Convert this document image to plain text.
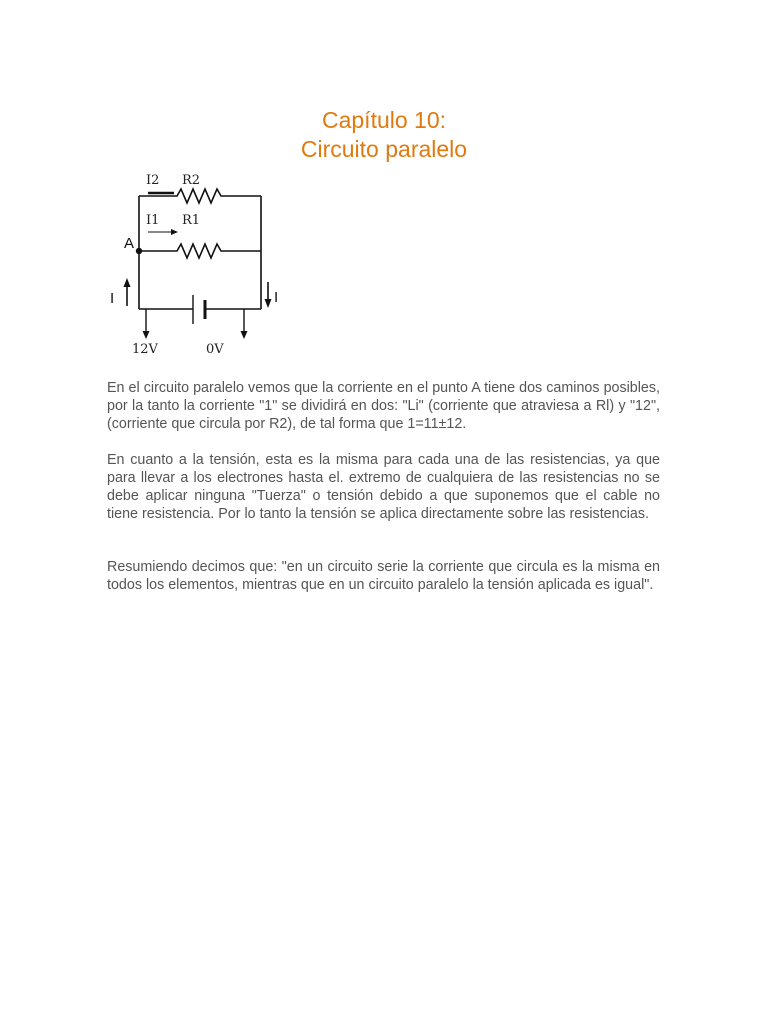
Capítulo 10:
Circuito paralelo
I2 R2
I1 R1
A
I	I
12V	0V

En el circuito paralelo vemos que la corriente en el punto A tiene dos caminos posibles, por la tanto la corriente "1" se dividirá en dos: "Li" (corriente que atraviesa a Rl) y "12", (corriente que circula por R2), de tal forma que 1=11±12.

En cuanto a la tensión, esta es la misma para cada una de las resistencias, ya que para llevar a los electrones hasta el. extremo de cualquiera de las resistencias no se debe aplicar ninguna "Tuerza" o tensión debido a que suponemos que el cable no tiene resistencia. Por lo tanto la tensión se aplica directamente sobre las resistencias.

Resumiendo decimos que: "en un circuito serie la corriente que circula es la misma en todos los elementos, mientras que en un circuito paralelo la tensión aplicada es igual".
